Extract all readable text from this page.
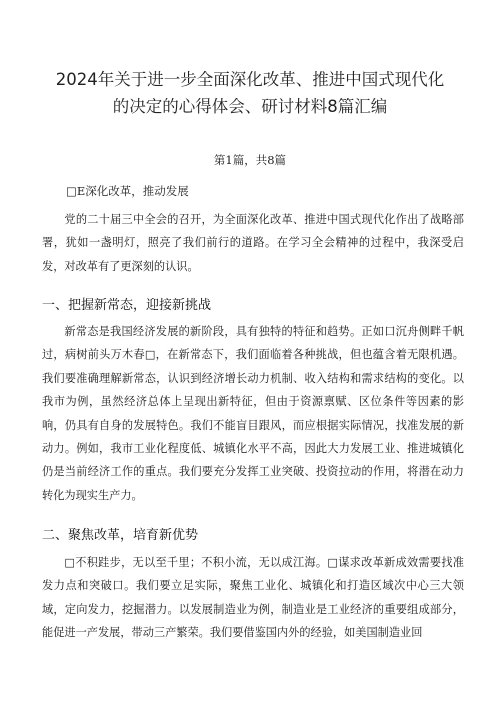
2024年关于进一步全面深化改革、推进中国式现代化
的决定的心得体会、研讨材料8篇汇编
第1篇，共8篇
□E深化改革，推动发展

党的二十届三中全会的召开，为全面深化改革、推进中国式现代化作出了战略部署，犹如一盏明灯，照亮了我们前行的道路。在学习全会精神的过程中，我深受启发，对改革有了更深刻的认识。

一、把握新常态，迎接新挑战

新常态是我国经济发展的新阶段，具有独特的特征和趋势。正如口沉舟侧畔千帆过，病树前头万木春□，在新常态下，我们面临着各种挑战，但也蕴含着无限机遇。我们要准确理解新常态，认识到经济增长动力机制、收入结构和需求结构的变化。以我市为例，虽然经济总体上呈现出新特征，但由于资源禀赋、区位条件等因素的影响，仍具有自身的发展特色。我们不能盲目跟风，而应根据实际情况，找准发展的新动力。例如，我市工业化程度低、城镇化水平不高，因此大力发展工业、推进城镇化仍是当前经济工作的重点。我们要充分发挥工业突破、投资拉动的作用，将潜在动力转化为现实生产力。

二、聚焦改革，培育新优势

□不积跬步，无以至千里；不积小流，无以成江海。□谋求改革新成效需要找准发力点和突破口。我们要立足实际，聚焦工业化、城镇化和打造区域次中心三大领域，定向发力，挖掘潜力。以发展制造业为例，制造业是工业经济的重要组成部分，能促进一产发展，带动三产繁荣。我们要借鉴国内外的经验，如美国制造业回
